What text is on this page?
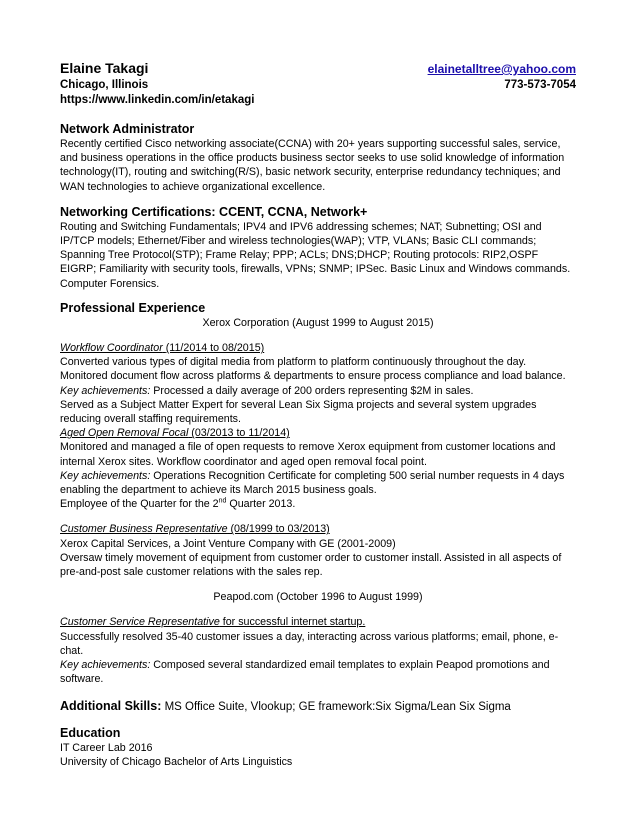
Elaine Takagi	elainetalltree@yahoo.com
Chicago, Illinois	773-573-7054
https://www.linkedin.com/in/etakagi
Network Administrator

Recently certified Cisco networking associate(CCNA) with 20+ years supporting successful sales, service, and business operations in the office products business sector seeks to use solid knowledge of information technology(IT), routing and switching(R/S), basic network security, enterprise redundancy techniques; and WAN technologies to achieve organizational excellence.

Networking Certifications: CCENT, CCNA, Network+

Routing and Switching Fundamentals; IPV4 and IPV6 addressing schemes; NAT; Subnetting; OSI and IP/TCP models; Ethernet/Fiber and wireless technologies(WAP); VTP, VLANs; Basic CLI commands; Spanning Tree Protocol(STP); Frame Relay; PPP; ACLs; DNS;DHCP; Routing protocols: RIP2,OSPF EIGRP; Familiarity with security tools, firewalls, VPNs; SNMP; IPSec. Basic Linux and Windows commands. Computer Forensics.

Professional Experience

Xerox Corporation (August 1999 to August 2015)

Workflow Coordinator (11/2014 to 08/2015)

Converted various types of digital media from platform to platform continuously throughout the day. Monitored document flow across platforms & departments to ensure process compliance and load balance.

Key achievements: Processed a daily average of 200 orders representing $2M in sales.

Served as a Subject Matter Expert for several Lean Six Sigma projects and several system upgrades reducing overall staffing requirements.

Aged Open Removal Focal (03/2013 to 11/2014)

Monitored and managed a file of open requests to remove Xerox equipment from customer locations and internal Xerox sites. Workflow coordinator and aged open removal focal point.

Key achievements: Operations Recognition Certificate for completing 500 serial number requests in 4 days enabling the department to achieve its March 2015 business goals.

Employee of the Quarter for the 2nd Quarter 2013.

Customer Business Representative (08/1999 to 03/2013)

Xerox Capital Services, a Joint Venture Company with GE (2001-2009)

Oversaw timely movement of equipment from customer order to customer install. Assisted in all aspects of pre-and-post sale customer relations with the sales rep.

Peapod.com (October 1996 to August 1999)

Customer Service Representative for successful internet startup.

Successfully resolved 35-40 customer issues a day, interacting across various platforms; email, phone, e-chat.

Key achievements: Composed several standardized email templates to explain Peapod promotions and software.

Additional Skills: MS Office Suite, Vlookup; GE framework:Six Sigma/Lean Six Sigma
Education

IT Career Lab 2016

University of Chicago Bachelor of Arts Linguistics
